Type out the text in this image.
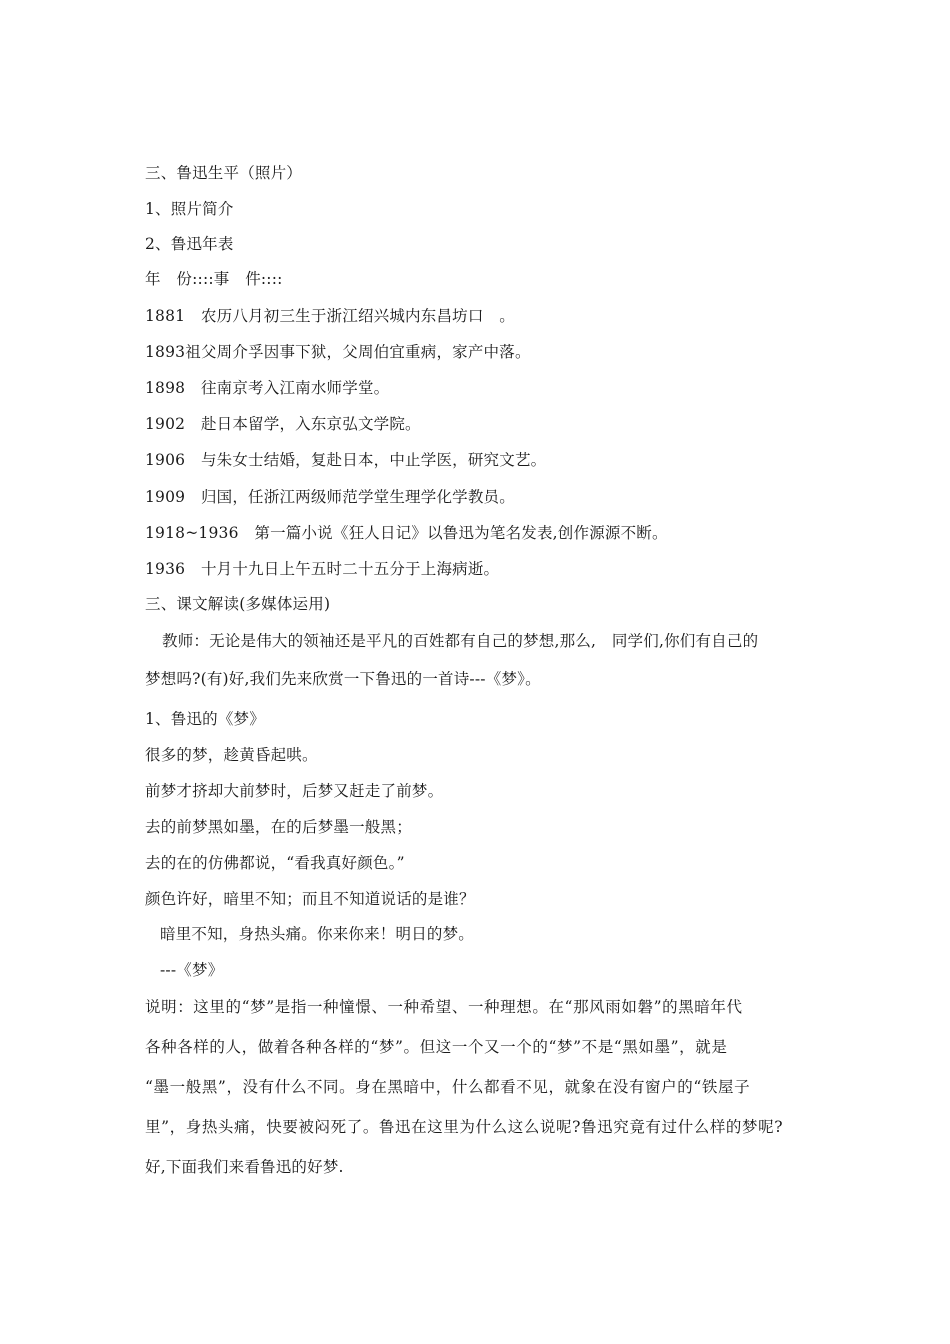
三、鲁迅生平（照片）
1、照片简介
2、鲁迅年表
年　份::::事　件::::
1881　农历八月初三生于浙江绍兴城内东昌坊口　。
1893祖父周介孚因事下狱，父周伯宜重病，家产中落。
1898　往南京考入江南水师学堂。
1902　赴日本留学，入东京弘文学院。
1906　与朱女士结婚，复赴日本，中止学医，研究文艺。
1909　归国，任浙江两级师范学堂生理学化学教员。
1918~1936　第一篇小说《狂人日记》以鲁迅为笔名发表,创作源源不断。
1936　十月十九日上午五时二十五分于上海病逝。
三、课文解读(多媒体运用)
教师：无论是伟大的领袖还是平凡的百姓都有自己的梦想,那么,　同学们,你们有自己的
梦想吗?(有)好,我们先来欣赏一下鲁迅的一首诗---《梦》。
1、鲁迅的《梦》
很多的梦，趁黄昏起哄。
前梦才挤却大前梦时，后梦又赶走了前梦。
去的前梦黑如墨，在的后梦墨一般黑；
去的在的仿佛都说，“看我真好颜色。”
颜色许好，暗里不知；而且不知道说话的是谁？
暗里不知，身热头痛。你来你来！明日的梦。
---《梦》
说明：这里的“梦”是指一种憧憬、一种希望、一种理想。在“那风雨如磐”的黑暗年代
各种各样的人，做着各种各样的“梦”。但这一个又一个的“梦”不是“黑如墨”，就是
“墨一般黑”，没有什么不同。身在黑暗中，什么都看不见，就象在没有窗户的“铁屋子
里”，身热头痛，快要被闷死了。鲁迅在这里为什么这么说呢?鲁迅究竟有过什么样的梦呢?
好,下面我们来看鲁迅的好梦.
